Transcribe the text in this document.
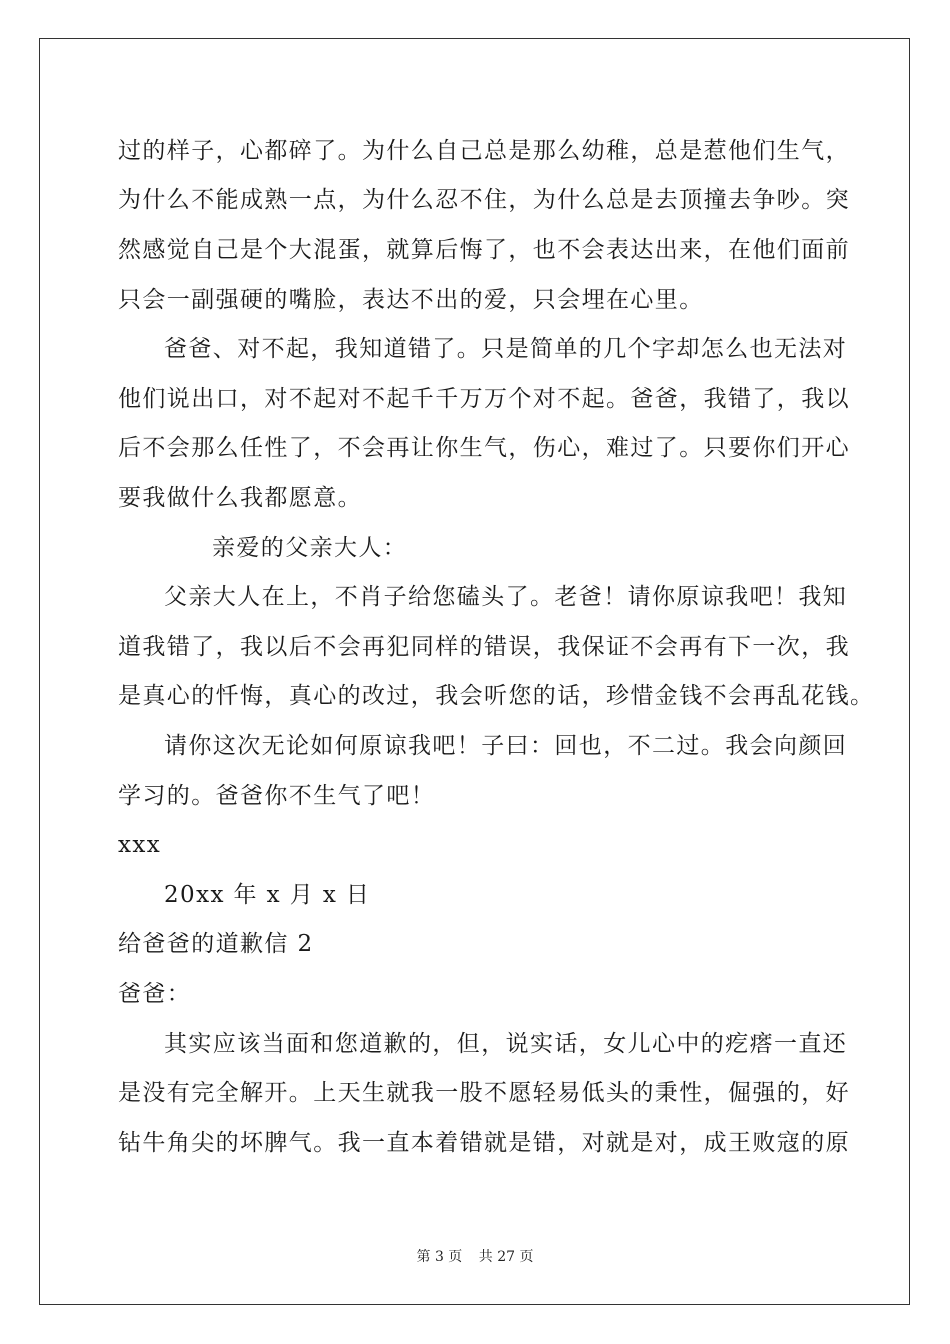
过的样子，心都碎了。为什么自己总是那么幼稚，总是惹他们生气，
为什么不能成熟一点，为什么忍不住，为什么总是去顶撞去争吵。突
然感觉自己是个大混蛋，就算后悔了，也不会表达出来，在他们面前
只会一副强硬的嘴脸，表达不出的爱，只会埋在心里。
爸爸、对不起，我知道错了。只是简单的几个字却怎么也无法对
他们说出口，对不起对不起千千万万个对不起。爸爸，我错了，我以
后不会那么任性了，不会再让你生气，伤心，难过了。只要你们开心
要我做什么我都愿意。
亲爱的父亲大人：
父亲大人在上，不肖子给您磕头了。老爸！请你原谅我吧！我知
道我错了，我以后不会再犯同样的错误，我保证不会再有下一次，我
是真心的忏悔，真心的改过，我会听您的话，珍惜金钱不会再乱花钱。
请你这次无论如何原谅我吧！子曰：回也，不二过。我会向颜回
学习的。爸爸你不生气了吧！
xxx
20xx 年 x 月 x 日
给爸爸的道歉信 2
爸爸：
其实应该当面和您道歉的，但，说实话，女儿心中的疙瘩一直还
是没有完全解开。上天生就我一股不愿轻易低头的秉性，倔强的，好
钻牛角尖的坏脾气。我一直本着错就是错，对就是对，成王败寇的原
第 3 页 共 27 页
